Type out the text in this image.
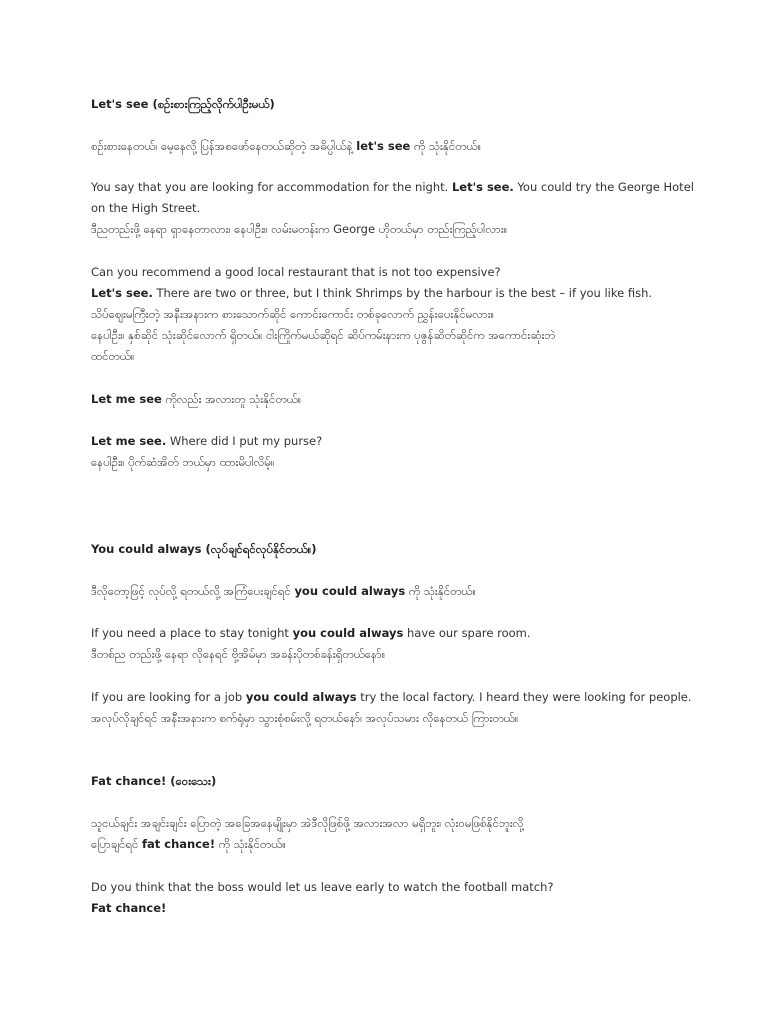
Let's see (စဥ်းစားကြည့်လိုက်ပါဦးမယ်)
စဥ်းစားနေတယ်၊ မေ့နေလို့ ပြန်အစဖော်နေတယ်ဆိုတဲ့ အဓိပ္ပါယ်နဲ့ let's see ကို သုံးနိုင်တယ်။
You say that you are looking for accommodation for the night. Let's see. You could try the George Hotel
on the High Street.
ဒီညတည်းဖို့ နေရာ ရှာနေတာလား၊ နေပါဦး။ လမ်းမတန်းက George ဟိုတယ်မှာ တည်းကြည့်ပါလား။
Can you recommend a good local restaurant that is not too expensive?
Let's see. There are two or three, but I think Shrimps by the harbour is the best – if you like fish.
သိပ်ဈေးမကြီးတဲ့ အနီးအနားက စားသောက်ဆိုင် ကောင်းကောင်း တစ်ခုလောက် ညွှန်းပေးနိုင်မလား။
နေပါဦး။ နှစ်ဆိုင် သုံးဆိုင်လောက် ရှိတယ်။ ငါးကြိုက်မယ်ဆိုရင် ဆိပ်ကမ်းနားက ပုဇွန်ဆိတ်ဆိုင်က အကောင်းဆုံးဘဲ
ထင်တယ်။
Let me see ကိုလည်း အလားတူ သုံးနိုင်တယ်။
Let me see. Where did I put my purse?
နေပါဦး။ ပိုက်ဆံအိတ် ဘယ်မှာ ထားမိပါလိမ့်။
You could always (လုပ်ချင်ရင်လုပ်နိုင်တယ်။)
ဒီလိုတော့ဖြင့် လုပ်လို့ ရတယ်လို့ အကြံပေးချင်ရင် you could always ကို သုံးနိုင်တယ်။
If you need a place to stay tonight you could always have our spare room.
ဒီတစ်ည တည်းဖို့ နေရာ လိုနေရင် ဗို့အိမ်မှာ အခန်းပိုတစ်ခန်းရှိတယ်နော်။
If you are looking for a job you could always try the local factory. I heard they were looking for people.
အလုပ်လိုချင်ရင် အနီးအနားက စက်ရုံမှာ သွားစုံစမ်းလို့ ရတယ်နော်၊ အလုပ်သမား လိုနေတယ် ကြားတယ်။
Fat chance! (ဝေးသေး)
သူငယ်ချင်း အချင်းချင်း ပြောတဲ့ အခြေအနေမျိုးမှာ အဲဒီလိုဖြစ်ဖို့ အလားအလာ မရှိဘူး၊ လုံးဝမဖြစ်နိုင်ဘူးလို့
ပြောချင်ရင် fat chance! ကို သုံးနိုင်တယ်။
Do you think that the boss would let us leave early to watch the football match?
Fat chance!
